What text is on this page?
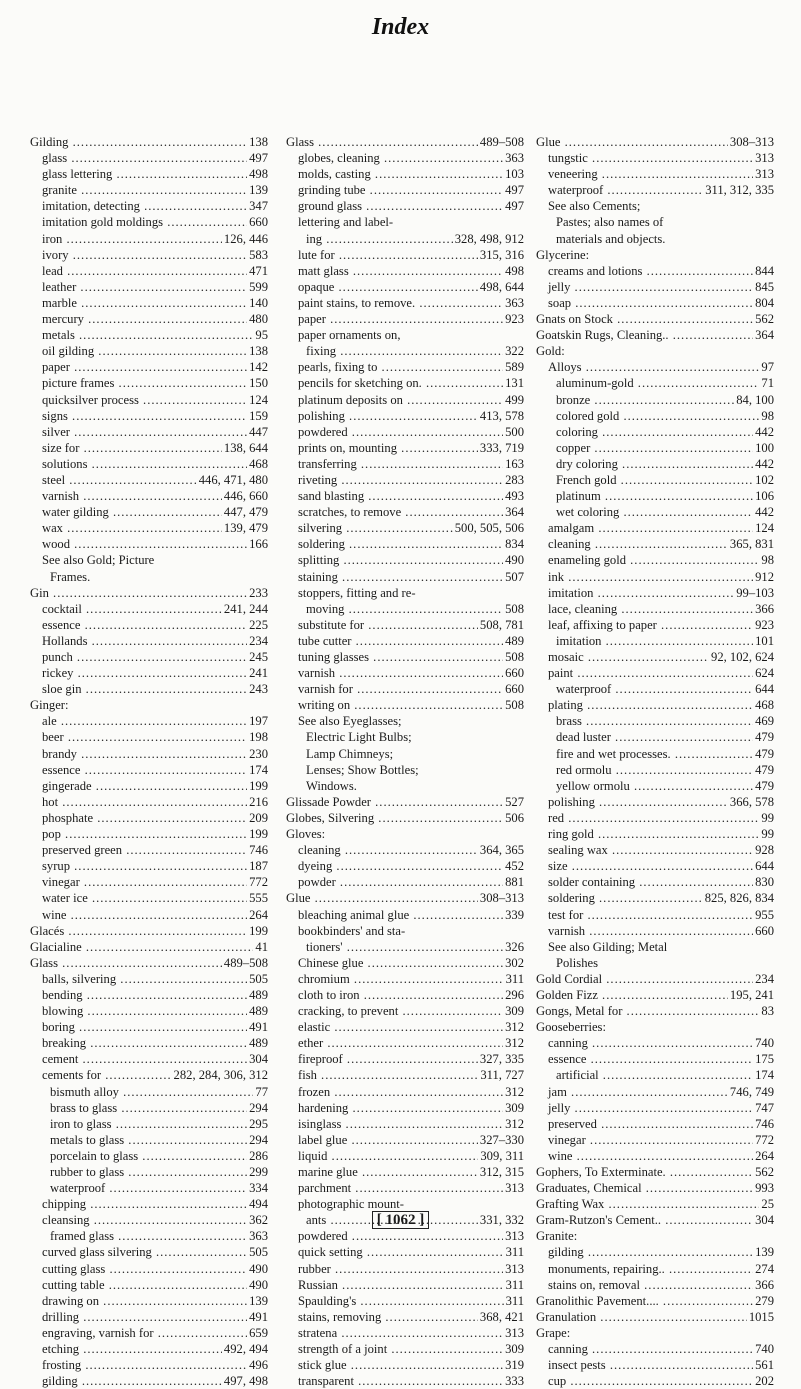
Index
Gilding .....	138
glass .....	497
glass lettering .....	498
granite .....	139
imitation, detecting .....	347
imitation gold moldings .....	660
iron .....	126, 446
ivory .....	583
lead .....	471
leather .....	599
marble .....	140
mercury .....	480
metals .....	95
oil gilding .....	138
paper .....	142
picture frames .....	150
quicksilver process .....	124
signs .....	159
silver .....	447
size for .....	138, 644
solutions .....	468
steel .....	446, 471, 480
varnish .....	446, 660
water gilding .....	447, 479
wax .....	139, 479
wood .....	166
See also Gold; Picture
Frames.
Gin .....	233
cocktail .....	241, 244
essence .....	225
Hollands .....	234
punch .....	245
rickey .....	241
sloe gin .....	243
Ginger:
ale .....	197
beer .....	198
brandy .....	230
essence .....	174
gingerade .....	199
hot .....	216
phosphate .....	209
pop .....	199
preserved green .....	746
syrup .....	187
vinegar .....	772
water ice .....	555
wine .....	264
Glacés .....	199
Glacialine .....	41
Glass .....	489–508
balls, silvering .....	505
bending .....	489
blowing .....	489
boring .....	491
breaking .....	489
cement .....	304
cements for .....	282, 284, 306, 312
bismuth alloy .....	77
brass to glass .....	294
iron to glass .....	295
metals to glass .....	294
porcelain to glass .....	286
rubber to glass .....	299
waterproof .....	334
chipping .....	494
cleansing .....	362
framed glass .....	363
curved glass silvering .....	505
cutting glass .....	490
cutting table .....	490
drawing on .....	139
drilling .....	491
engraving, varnish for .....	659
etching .....	492, 494
frosting .....	496
gilding .....	497, 498
Glass .....	489–508
globes, cleaning .....	363
molds, casting .....	103
grinding tube .....	497
ground glass .....	497
lettering and label-
ing .....	328, 498, 912
lute for .....	315, 316
matt glass .....	498
opaque .....	498, 644
paint stains, to remove. .....	363
paper .....	923
paper ornaments on,
fixing .....	322
pearls, fixing to .....	589
pencils for sketching on. .....	131
platinum deposits on .....	499
polishing .....	413, 578
powdered .....	500
prints on, mounting .....	333, 719
transferring .....	163
riveting .....	283
sand blasting .....	493
scratches, to remove .....	364
silvering .....	500, 505, 506
soldering .....	834
splitting .....	490
staining .....	507
stoppers, fitting and re-
moving .....	508
substitute for .....	508, 781
tube cutter .....	489
tuning glasses .....	508
varnish .....	660
varnish for .....	660
writing on .....	508
See also Eyeglasses;
Electric Light Bulbs;
Lamp Chimneys;
Lenses; Show Bottles;
Windows.
Glissade Powder .....	527
Globes, Silvering .....	506
Gloves:
cleaning .....	364, 365
dyeing .....	452
powder .....	881
Glue .....	308–313
bleaching animal glue .....	339
bookbinders' and sta-
tioners' .....	326
Chinese glue .....	302
chromium .....	311
cloth to iron .....	296
cracking, to prevent .....	309
elastic .....	312
ether .....	312
fireproof .....	327, 335
fish .....	311, 727
frozen .....	312
hardening .....	309
isinglass .....	312
label glue .....	327–330
liquid .....	309, 311
marine glue .....	312, 315
parchment .....	313
photographic mount-
ants .....	331, 332
powdered .....	313
quick setting .....	311
rubber .....	313
Russian .....	311
Spaulding's .....	311
stains, removing .....	368, 421
stratena .....	313
strength of a joint .....	309
stick glue .....	319
transparent .....	333
Glue .....	308–313
tungstic .....	313
veneering .....	313
waterproof .....	311, 312, 335
See also Cements;
Pastes; also names of
materials and objects.
Glycerine:
creams and lotions .....	844
jelly .....	845
soap .....	804
Gnats on Stock .....	562
Goatskin Rugs, Cleaning.. .....	364
Gold:
Alloys .....	97
aluminum-gold .....	71
bronze .....	84, 100
colored gold .....	98
coloring .....	442
copper .....	100
dry coloring .....	442
French gold .....	102
platinum .....	106
wet coloring .....	442
amalgam .....	124
cleaning .....	365, 831
enameling gold .....	98
ink .....	912
imitation .....	99–103
lace, cleaning .....	366
leaf, affixing to paper .....	923
imitation .....	101
mosaic .....	92, 102, 624
paint .....	624
waterproof .....	644
plating .....	468
brass .....	469
dead luster .....	479
fire and wet processes. .....	479
red ormolu .....	479
yellow ormolu .....	479
polishing .....	366, 578
red .....	99
ring gold .....	99
sealing wax .....	928
size .....	644
solder containing .....	830
soldering .....	825, 826, 834
test for .....	955
varnish .....	660
See also Gilding; Metal
Polishes
Gold Cordial .....	234
Golden Fizz .....	195, 241
Gongs, Metal for .....	83
Gooseberries:
canning .....	740
essence .....	175
artificial .....	174
jam .....	746, 749
jelly .....	747
preserved .....	746
vinegar .....	772
wine .....	264
Gophers, To Exterminate. .....	562
Graduates, Chemical .....	993
Grafting Wax .....	25
Gram-Rutzon's Cement.. .....	304
Granite:
gilding .....	139
monuments, repairing.. .....	274
stains on, removal .....	366
Granolithic Pavement.... .....	279
Granulation .....	1015
Grape:
canning .....	740
insect pests .....	561
cup .....	202
[ 1062 ]
